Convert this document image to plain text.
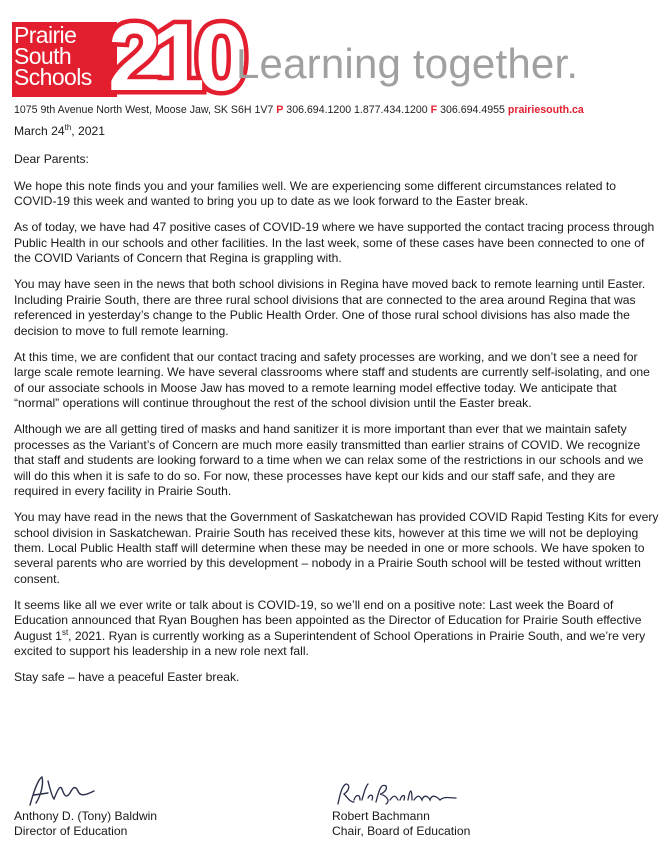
Prairie
South
Schools 210
Learning together.
1075 9th Avenue North West, Moose Jaw, SK S6H 1V7 P 306.694.1200 1.877.434.1200 F 306.694.4955 prairiesouth.ca

March 24th, 2021

Dear Parents:

We hope this note finds you and your families well. We are experiencing some different circumstances related to COVID-19 this week and wanted to bring you up to date as we look forward to the Easter break.

As of today, we have had 47 positive cases of COVID-19 where we have supported the contact tracing process through Public Health in our schools and other facilities. In the last week, some of these cases have been connected to one of the COVID Variants of Concern that Regina is grappling with.

You may have seen in the news that both school divisions in Regina have moved back to remote learning until Easter. Including Prairie South, there are three rural school divisions that are connected to the area around Regina that was referenced in yesterday’s change to the Public Health Order. One of those rural school divisions has also made the decision to move to full remote learning.

At this time, we are confident that our contact tracing and safety processes are working, and we don’t see a need for large scale remote learning. We have several classrooms where staff and students are currently self-isolating, and one of our associate schools in Moose Jaw has moved to a remote learning model effective today. We anticipate that “normal” operations will continue throughout the rest of the school division until the Easter break.

Although we are all getting tired of masks and hand sanitizer it is more important than ever that we maintain safety processes as the Variant’s of Concern are much more easily transmitted than earlier strains of COVID. We recognize that staff and students are looking forward to a time when we can relax some of the restrictions in our schools and we will do this when it is safe to do so. For now, these processes have kept our kids and our staff safe, and they are required in every facility in Prairie South.

You may have read in the news that the Government of Saskatchewan has provided COVID Rapid Testing Kits for every school division in Saskatchewan. Prairie South has received these kits, however at this time we will not be deploying them. Local Public Health staff will determine when these may be needed in one or more schools. We have spoken to several parents who are worried by this development – nobody in a Prairie South school will be tested without written consent.

It seems like all we ever write or talk about is COVID-19, so we’ll end on a positive note: Last week the Board of Education announced that Ryan Boughen has been appointed as the Director of Education for Prairie South effective August 1st, 2021. Ryan is currently working as a Superintendent of School Operations in Prairie South, and we’re very excited to support his leadership in a new role next fall.

Stay safe – have a peaceful Easter break.

Anthony D. (Tony) Baldwin
Director of Education
Robert Bachmann
Chair, Board of Education
